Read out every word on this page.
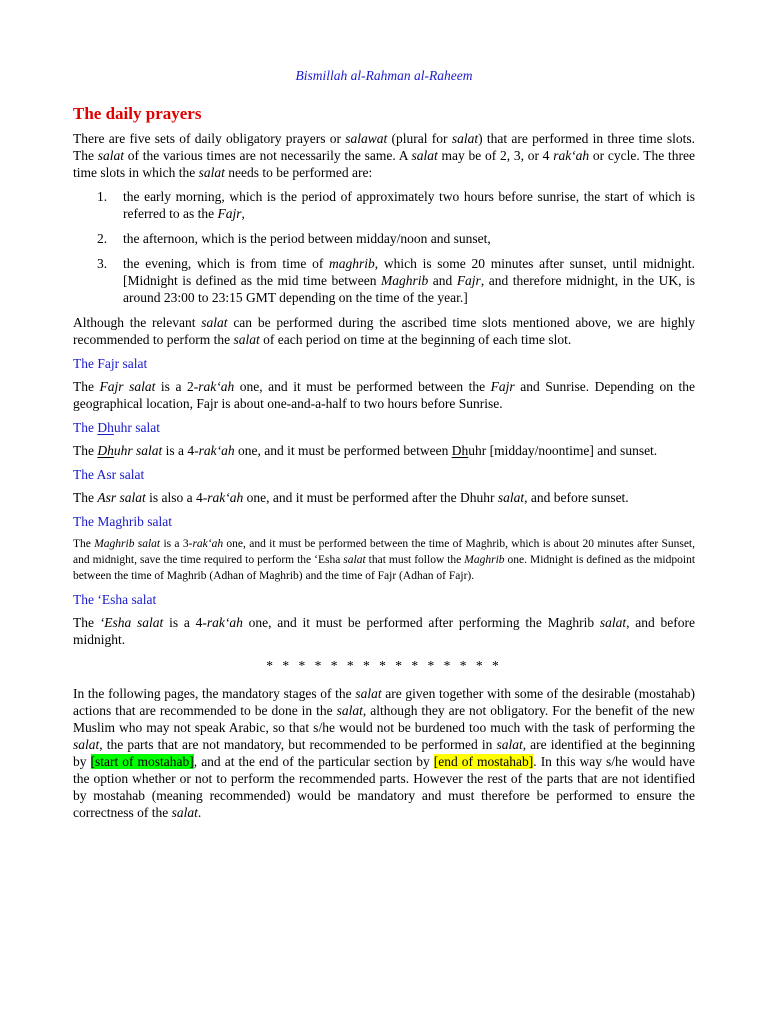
Bismillah al-Rahman al-Raheem
The daily prayers

There are five sets of daily obligatory prayers or salawat (plural for salat) that are performed in three time slots. The salat of the various times are not necessarily the same. A salat may be of 2, 3, or 4 rak‘ah or cycle. The three time slots in which the salat needs to be performed are:

1. the early morning, which is the period of approximately two hours before sunrise, the start of which is referred to as the Fajr,
2. the afternoon, which is the period between midday/noon and sunset,
3. the evening, which is from time of maghrib, which is some 20 minutes after sunset, until midnight. [Midnight is defined as the mid time between Maghrib and Fajr, and therefore midnight, in the UK, is around 23:00 to 23:15 GMT depending on the time of the year.]

Although the relevant salat can be performed during the ascribed time slots mentioned above, we are highly recommended to perform the salat of each period on time at the beginning of each time slot.

The Fajr salat

The Fajr salat is a 2-rak‘ah one, and it must be performed between the Fajr and Sunrise. Depending on the geographical location, Fajr is about one-and-a-half to two hours before Sunrise.

The Dhuhr salat

The Dhuhr salat is a 4-rak‘ah one, and it must be performed between Dhuhr [midday/noontime] and sunset.

The Asr salat

The Asr salat is also a 4-rak‘ah one, and it must be performed after the Dhuhr salat, and before sunset.

The Maghrib salat

The Maghrib salat is a 3-rak‘ah one, and it must be performed between the time of Maghrib, which is about 20 minutes after Sunset, and midnight, save the time required to perform the ‘Esha salat that must follow the Maghrib one. Midnight is defined as the midpoint between the time of Maghrib (Adhan of Maghrib) and the time of Fajr (Adhan of Fajr).

The ‘Esha salat

The ‘Esha salat is a 4-rak‘ah one, and it must be performed after performing the Maghrib salat, and before midnight.

* * * * * * * * * * * * * * *

In the following pages, the mandatory stages of the salat are given together with some of the desirable (mostahab) actions that are recommended to be done in the salat, although they are not obligatory. For the benefit of the new Muslim who may not speak Arabic, so that s/he would not be burdened too much with the task of performing the salat, the parts that are not mandatory, but recommended to be performed in salat, are identified at the beginning by [start of mostahab], and at the end of the particular section by [end of mostahab]. In this way s/he would have the option whether or not to perform the recommended parts. However the rest of the parts that are not identified by mostahab (meaning recommended) would be mandatory and must therefore be performed to ensure the correctness of the salat.
